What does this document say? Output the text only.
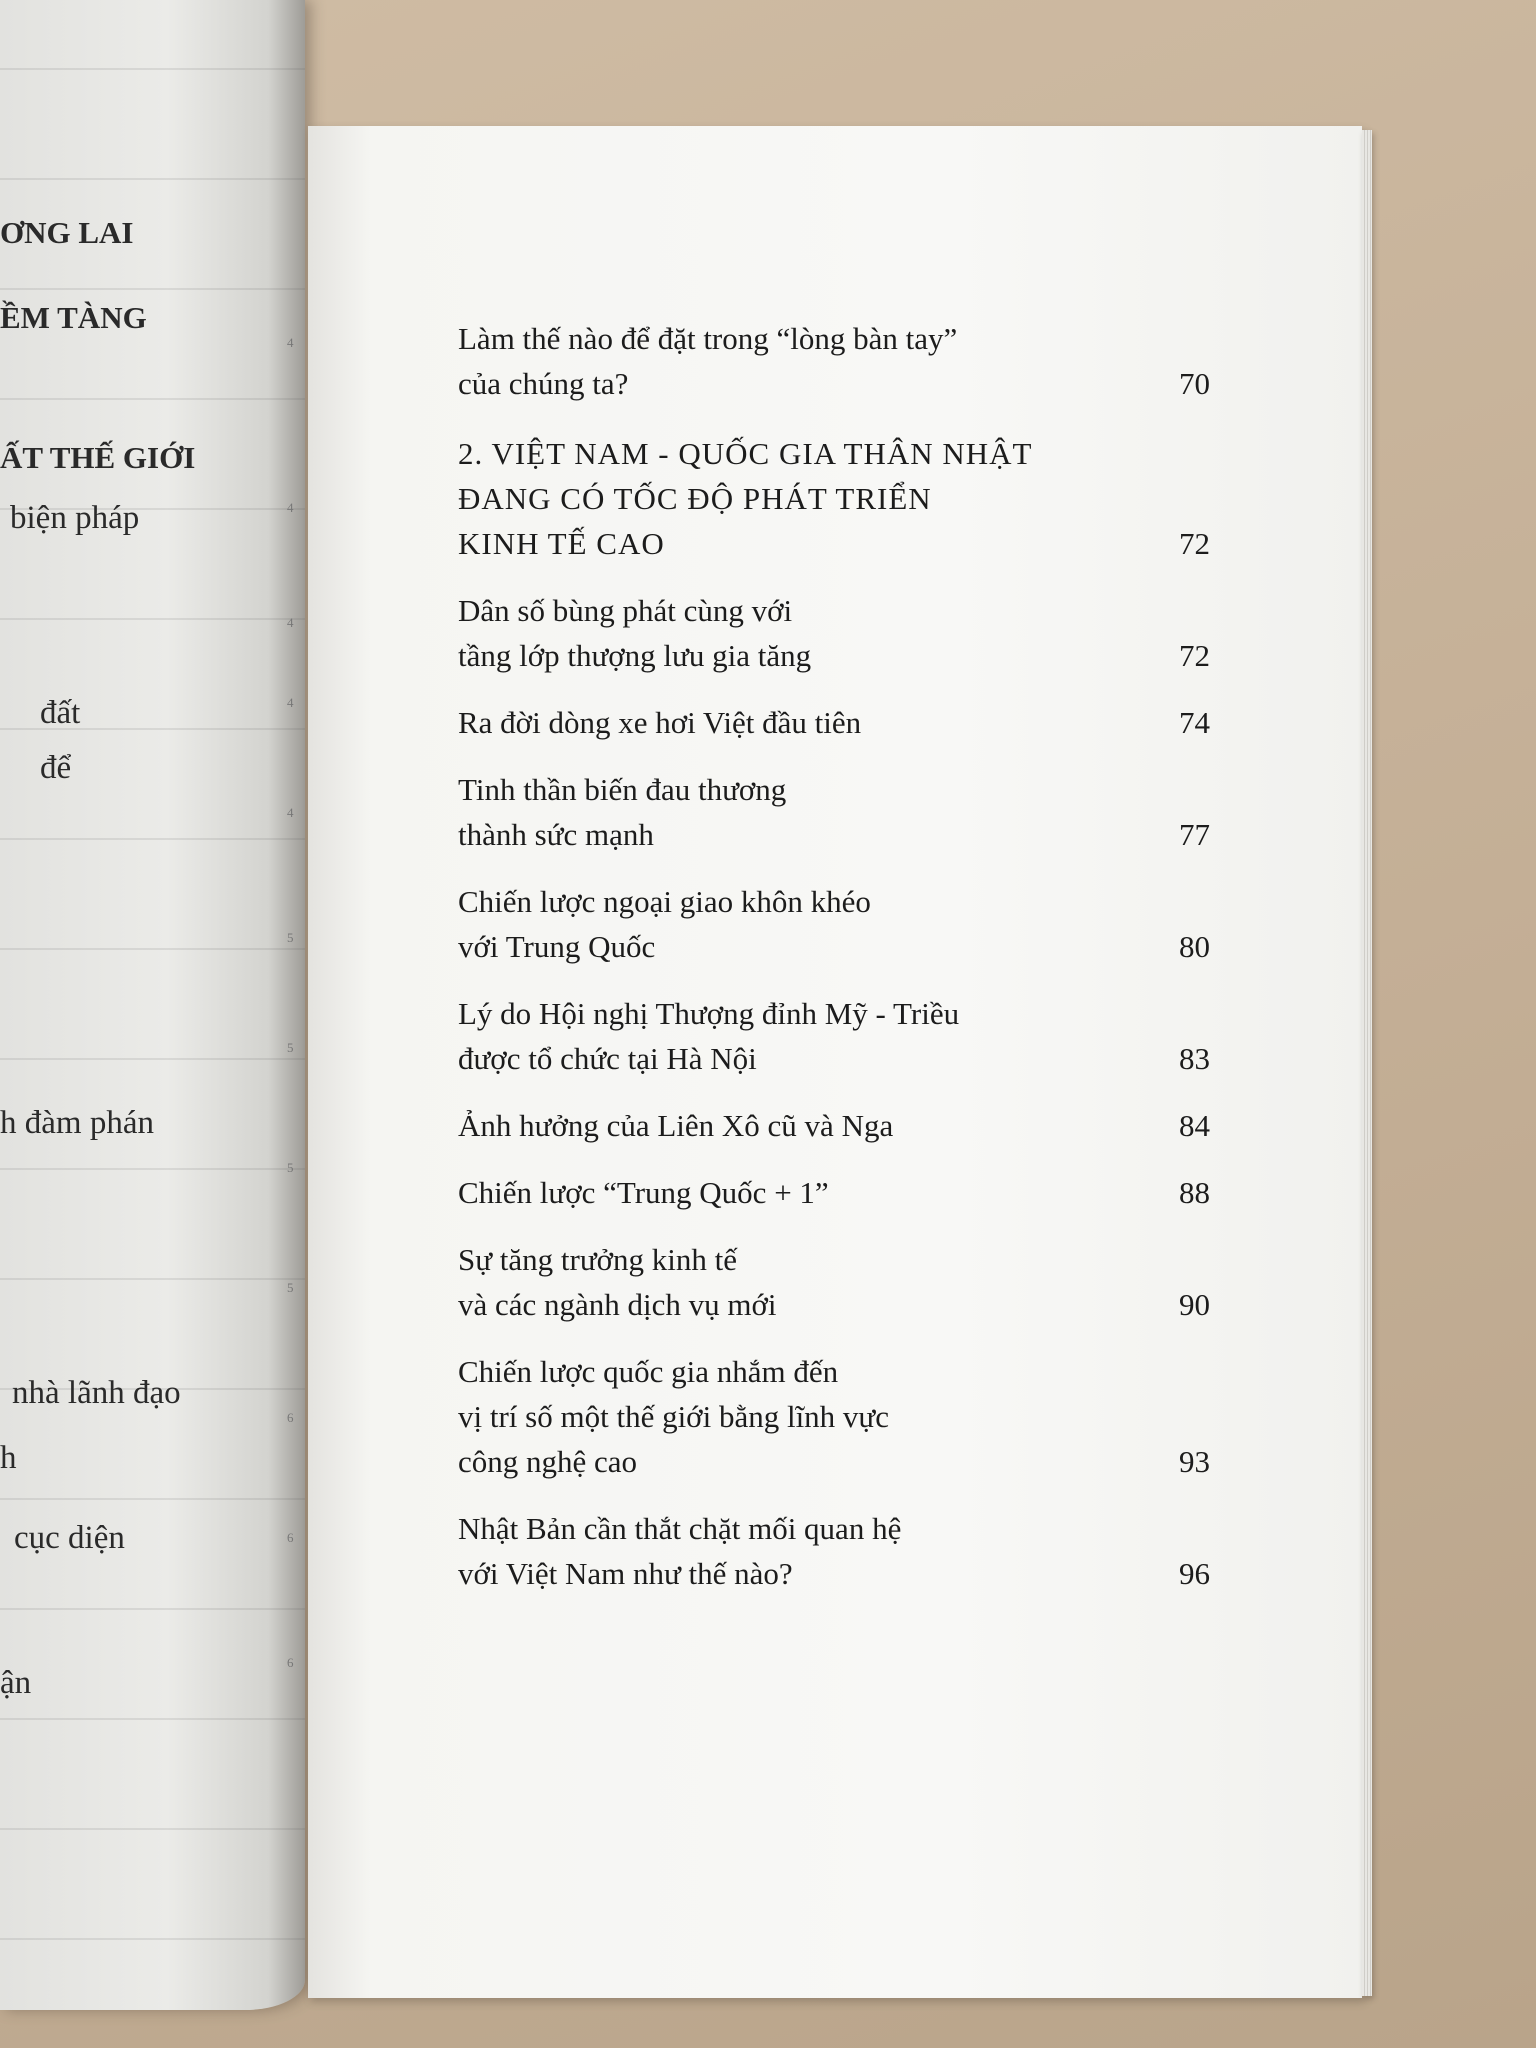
ƠNG LAI
ỀM TÀNG
ẤT THẾ GIỚI
biện pháp
đất
để
h đàm phán
nhà lãnh đạo
h
cục diện
ận
4
4
4
4
4
5
5
5
5
6
6
6
Làm thế nào để đặt trong “lòng bàn tay”
của chúng ta?	70
2. VIỆT NAM - QUỐC GIA THÂN NHẬT
ĐANG CÓ TỐC ĐỘ PHÁT TRIỂN
KINH TẾ CAO	72
Dân số bùng phát cùng với
tầng lớp thượng lưu gia tăng	72
Ra đời dòng xe hơi Việt đầu tiên	74
Tinh thần biến đau thương
thành sức mạnh	77
Chiến lược ngoại giao khôn khéo
với Trung Quốc	80
Lý do Hội nghị Thượng đỉnh Mỹ - Triều
được tổ chức tại Hà Nội	83
Ảnh hưởng của Liên Xô cũ và Nga	84
Chiến lược “Trung Quốc + 1”	88
Sự tăng trưởng kinh tế
và các ngành dịch vụ mới	90
Chiến lược quốc gia nhắm đến
vị trí số một thế giới bằng lĩnh vực
công nghệ cao	93
Nhật Bản cần thắt chặt mối quan hệ
với Việt Nam như thế nào?	96
